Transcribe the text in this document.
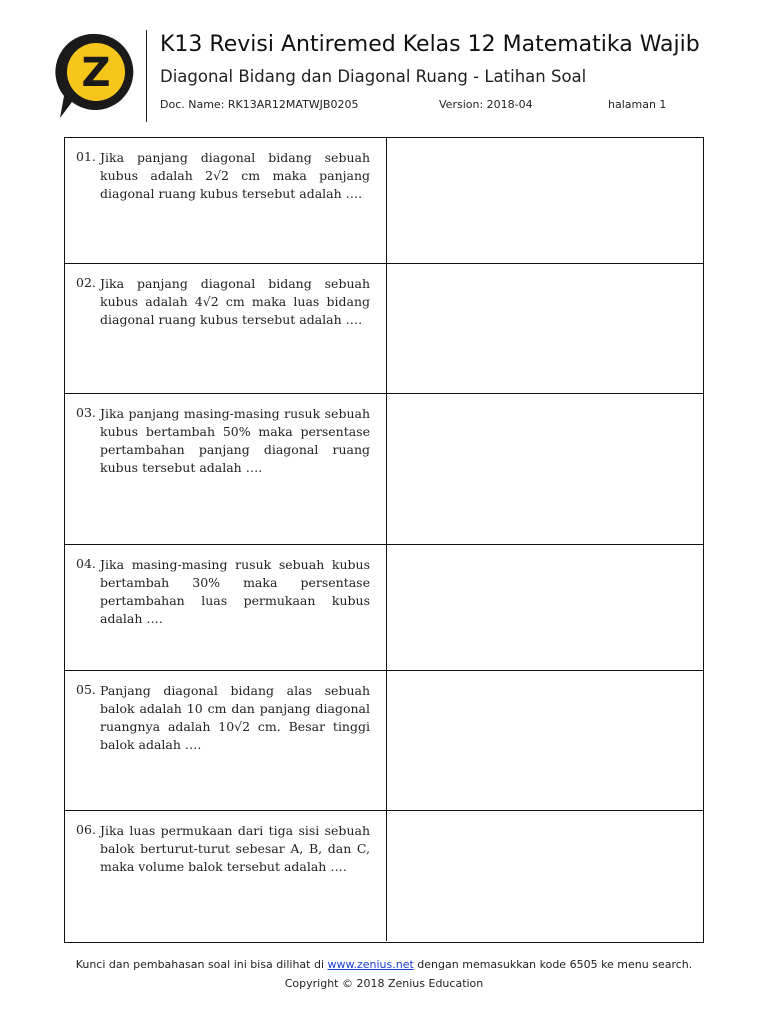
Z
K13 Revisi Antiremed Kelas 12 Matematika Wajib
Diagonal Bidang dan Diagonal Ruang - Latihan Soal
Doc. Name: RK13AR12MATWJB0205	Version: 2018-04	halaman 1
01. Jika panjang diagonal bidang sebuah kubus adalah 2√2 cm maka panjang diagonal ruang kubus tersebut adalah ….
02. Jika panjang diagonal bidang sebuah kubus adalah 4√2 cm maka luas bidang diagonal ruang kubus tersebut adalah ….
03. Jika panjang masing-masing rusuk sebuah kubus bertambah 50% maka persentase pertambahan panjang diagonal ruang kubus tersebut adalah ….
04. Jika masing-masing rusuk sebuah kubus bertambah 30% maka persentase pertambahan luas permukaan kubus adalah ….
05. Panjang diagonal bidang alas sebuah balok adalah 10 cm dan panjang diagonal ruangnya adalah 10√2 cm. Besar tinggi balok adalah ….
06. Jika luas permukaan dari tiga sisi sebuah balok berturut-turut sebesar A, B, dan C, maka volume balok tersebut adalah ….
Kunci dan pembahasan soal ini bisa dilihat di www.zenius.net dengan memasukkan kode 6505 ke menu search.
Copyright © 2018 Zenius Education
